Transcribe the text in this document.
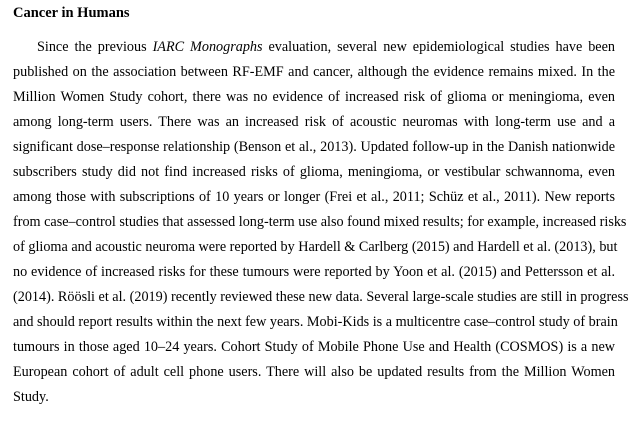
Cancer in Humans

Since the previous IARC Monographs evaluation, several new epidemiological studies have been

published on the association between RF-EMF and cancer, although the evidence remains mixed. In the

Million Women Study cohort, there was no evidence of increased risk of glioma or meningioma, even

among long-term users. There was an increased risk of acoustic neuromas with long-term use and a

significant dose–response relationship (Benson et al., 2013). Updated follow-up in the Danish nationwide

subscribers study did not find increased risks of glioma, meningioma, or vestibular schwannoma, even

among those with subscriptions of 10 years or longer (Frei et al., 2011; Schüz et al., 2011). New reports

from case–control studies that assessed long-term use also found mixed results; for example, increased risks

of glioma and acoustic neuroma were reported by Hardell & Carlberg (2015) and Hardell et al. (2013), but

no evidence of increased risks for these tumours were reported by Yoon et al. (2015) and Pettersson et al.

(2014). Röösli et al. (2019) recently reviewed these new data. Several large-scale studies are still in progress

and should report results within the next few years. Mobi-Kids is a multicentre case–control study of brain

tumours in those aged 10–24 years. Cohort Study of Mobile Phone Use and Health (COSMOS) is a new

European cohort of adult cell phone users. There will also be updated results from the Million Women

Study.
